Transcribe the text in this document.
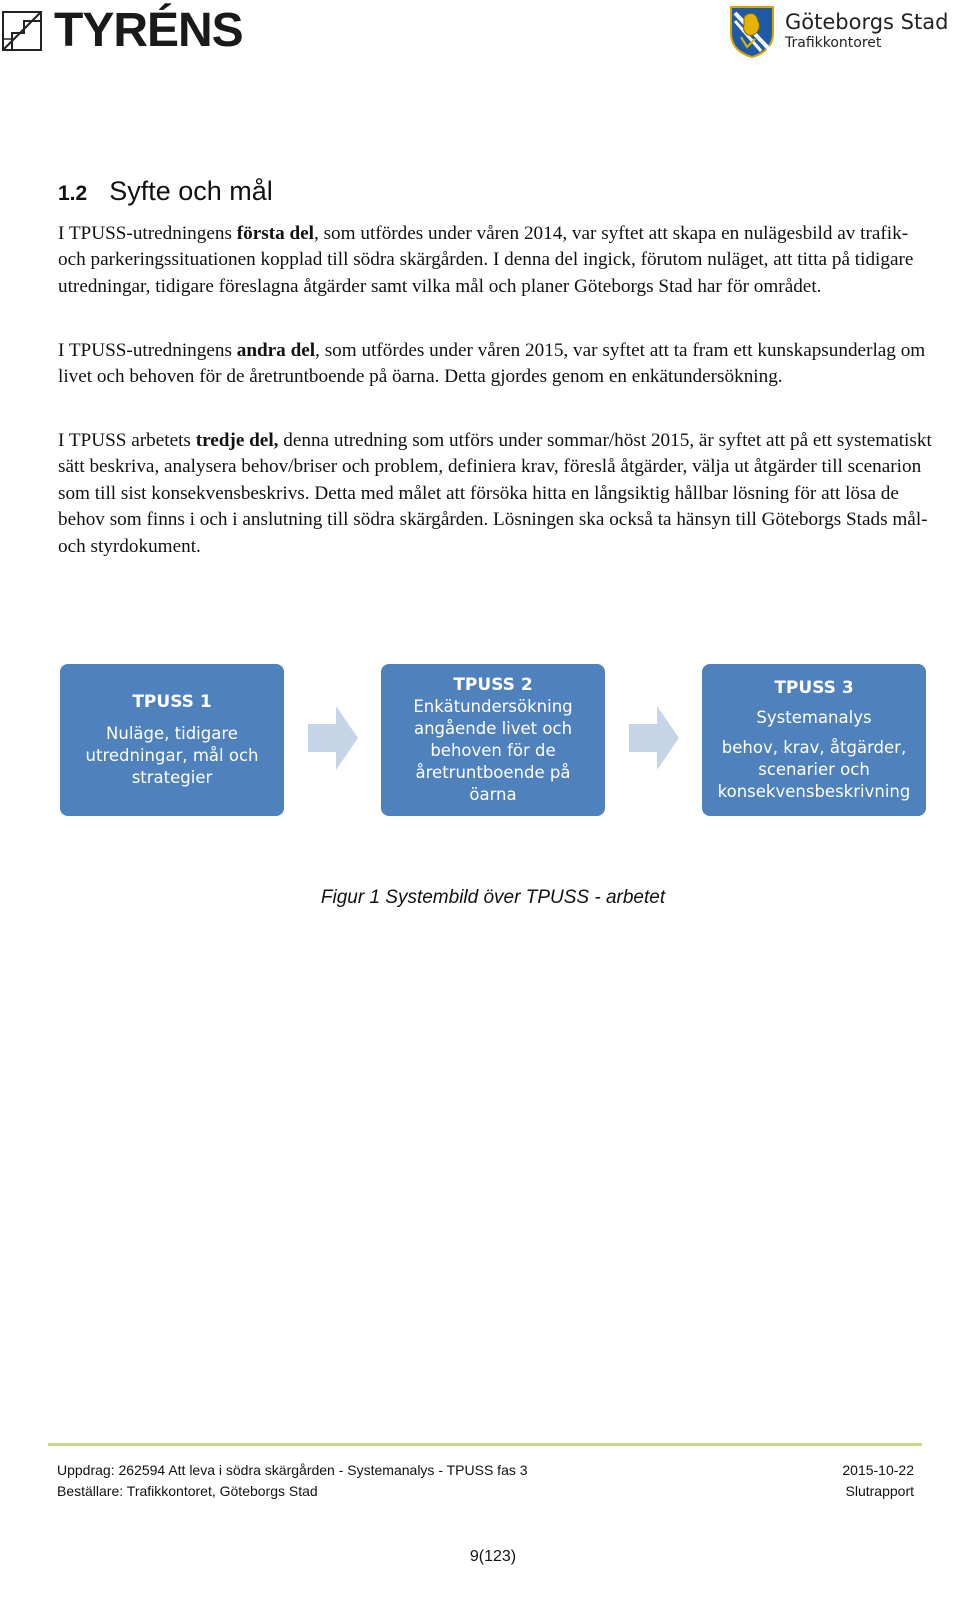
TYRÉNS	Göteborgs Stad
Trafikkontoret
1.2 Syfte och mål

I TPUSS-utredningens första del, som utfördes under våren 2014, var syftet att skapa en nulägesbild av trafik- och parkeringssituationen kopplad till södra skärgården. I denna del ingick, förutom nuläget, att titta på tidigare utredningar, tidigare föreslagna åtgärder samt vilka mål och planer Göteborgs Stad har för området.

I TPUSS-utredningens andra del, som utfördes under våren 2015, var syftet att ta fram ett kunskapsunderlag om livet och behoven för de åretruntboende på öarna. Detta gjordes genom en enkätundersökning.

I TPUSS arbetets tredje del, denna utredning som utförs under sommar/höst 2015, är syftet att på ett systematiskt sätt beskriva, analysera behov/briser och problem, definiera krav, föreslå åtgärder, välja ut åtgärder till scenarion som till sist konsekvensbeskrivs. Detta med målet att försöka hitta en långsiktig hållbar lösning för att lösa de behov som finns i och i anslutning till södra skärgården. Lösningen ska också ta hänsyn till Göteborgs Stads mål- och styrdokument.

TPUSS 1
Nuläge, tidigare utredningar, mål och strategier
TPUSS 2
Enkätundersökning angående livet och behoven för de åretruntboende på öarna
TPUSS 3
Systemanalys
behov, krav, åtgärder, scenarier och konsekvensbeskrivning
Figur 1 Systembild över TPUSS - arbetet
Uppdrag: 262594 Att leva i södra skärgården - Systemanalys - TPUSS fas 3
Beställare: Trafikkontoret, Göteborgs Stad
2015-10-22
Slutrapport
9(123)
